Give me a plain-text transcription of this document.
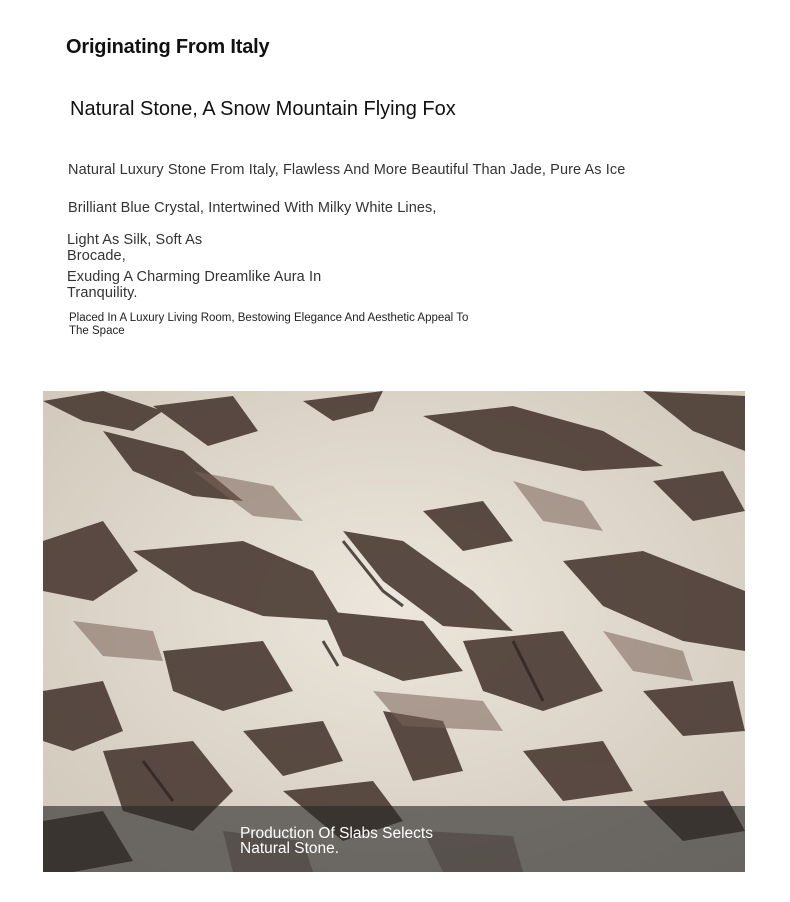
Originating From Italy
Natural Stone, A Snow Mountain Flying Fox

Natural Luxury Stone From Italy, Flawless And More Beautiful Than Jade, Pure As Ice

Brilliant Blue Crystal, Intertwined With Milky White Lines,

Light As Silk, Soft As Brocade,

Exuding A Charming Dreamlike Aura In Tranquility.

Placed In A Luxury Living Room, Bestowing Elegance And Aesthetic Appeal To The Space

Production Of Slabs Selects Natural Stone.
